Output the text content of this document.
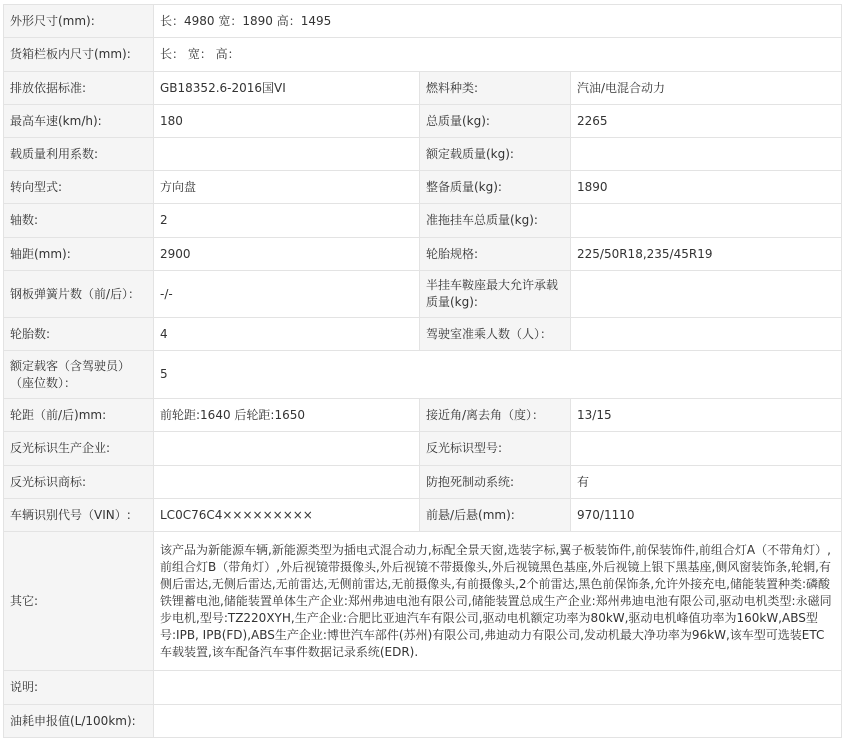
外形尺寸(mm):	长：4980 宽：1890 高：1495		
货箱栏板内尺寸(mm):	长： 宽： 高：		
排放依据标准:	GB18352.6-2016国VI	燃料种类:	汽油/电混合动力
最高车速(km/h):	180	总质量(kg):	2265
载质量利用系数:		额定载质量(kg):	
转向型式:	方向盘	整备质量(kg):	1890
轴数:	2	准拖挂车总质量(kg):	
轴距(mm):	2900	轮胎规格:	225/50R18,235/45R19
钢板弹簧片数（前/后）：	-/-	半挂车鞍座最大允许承载质量(kg):	
轮胎数:	4	驾驶室准乘人数（人）：	
额定载客（含驾驶员）（座位数）：	5		
轮距（前/后)mm:	前轮距:1640 后轮距:1650	接近角/离去角（度）：	13/15
反光标识生产企业:		反光标识型号:	
反光标识商标:		防抱死制动系统:	有
车辆识别代号（VIN）:	LC0C76C4×××××××××	前悬/后悬(mm):	970/1110
其它:	该产品为新能源车辆,新能源类型为插电式混合动力,标配全景天窗,选装字标,翼子板装饰件,前保装饰件,前组合灯A（不带角灯）,前组合灯B（带角灯）,外后视镜带摄像头,外后视镜不带摄像头,外后视镜黑色基座,外后视镜上银下黑基座,侧风窗装饰条,轮辋,有侧后雷达,无侧后雷达,无前雷达,无侧前雷达,无前摄像头,有前摄像头,2个前雷达,黑色前保饰条,允许外接充电,储能装置种类:磷酸铁锂蓄电池,储能装置单体生产企业:郑州弗迪电池有限公司,储能装置总成生产企业:郑州弗迪电池有限公司,驱动电机类型:永磁同步电机,型号:TZ220XYH,生产企业:合肥比亚迪汽车有限公司,驱动电机额定功率为80kW,驱动电机峰值功率为160kW,ABS型号:IPB, IPB(FD),ABS生产企业:博世汽车部件(苏州)有限公司,弗迪动力有限公司,发动机最大净功率为96kW,该车型可选装ETC车载装置,该车配备汽车事件数据记录系统(EDR).		
说明:			
油耗申报值(L/100km):			
